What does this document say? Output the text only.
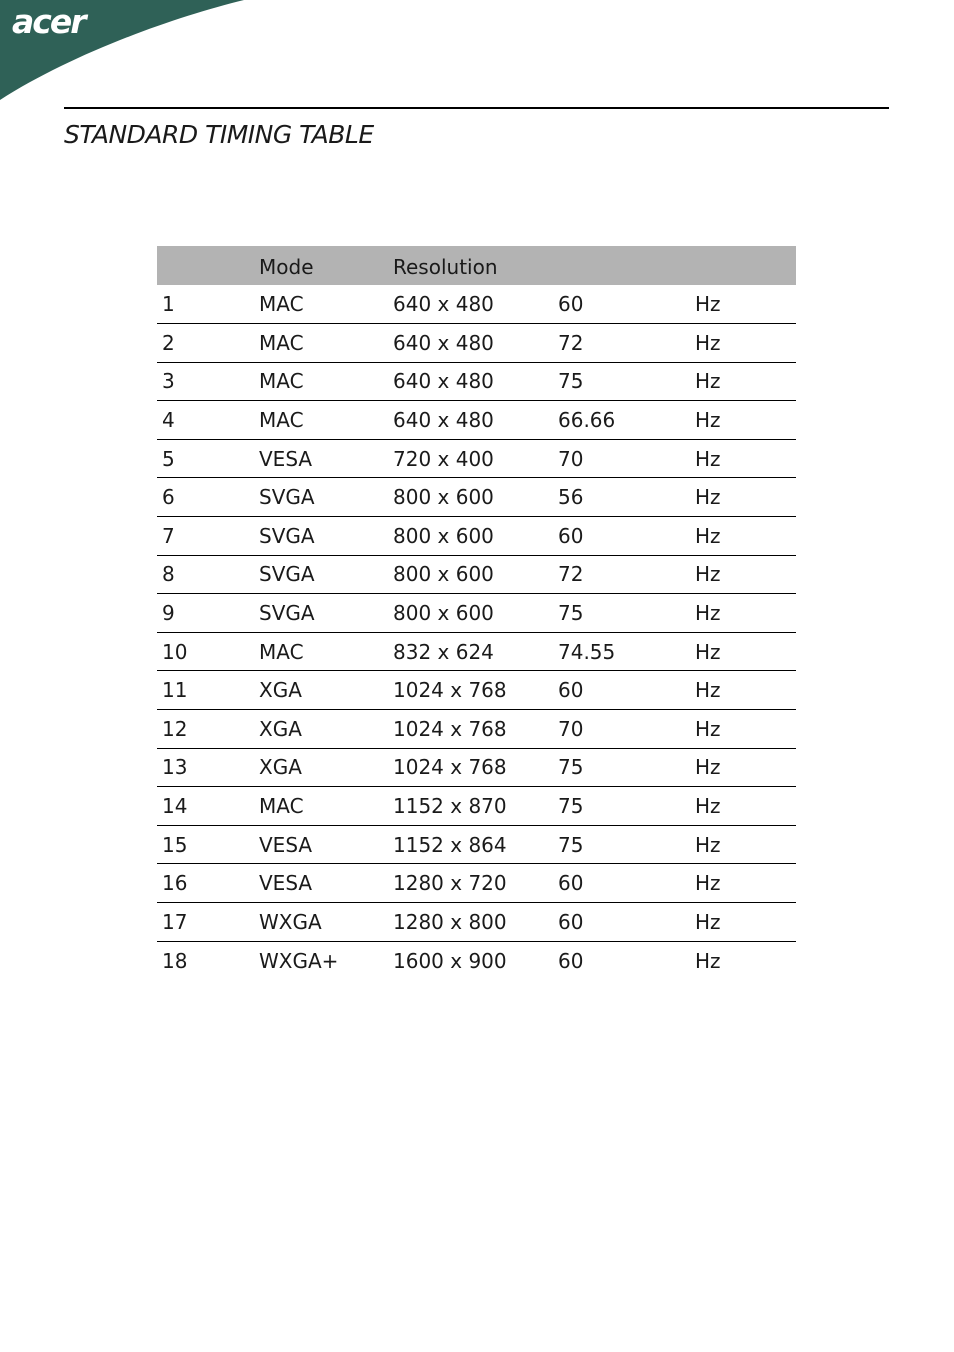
acer
STANDARD TIMING TABLE
	Mode	Resolution		
1	MAC	640 x 480	60	Hz
2	MAC	640 x 480	72	Hz
3	MAC	640 x 480	75	Hz
4	MAC	640 x 480	66.66	Hz
5	VESA	720 x 400	70	Hz
6	SVGA	800 x 600	56	Hz
7	SVGA	800 x 600	60	Hz
8	SVGA	800 x 600	72	Hz
9	SVGA	800 x 600	75	Hz
10	MAC	832 x 624	74.55	Hz
11	XGA	1024 x 768	60	Hz
12	XGA	1024 x 768	70	Hz
13	XGA	1024 x 768	75	Hz
14	MAC	1152 x 870	75	Hz
15	VESA	1152 x 864	75	Hz
16	VESA	1280 x 720	60	Hz
17	WXGA	1280 x 800	60	Hz
18	WXGA+	1600 x 900	60	Hz
